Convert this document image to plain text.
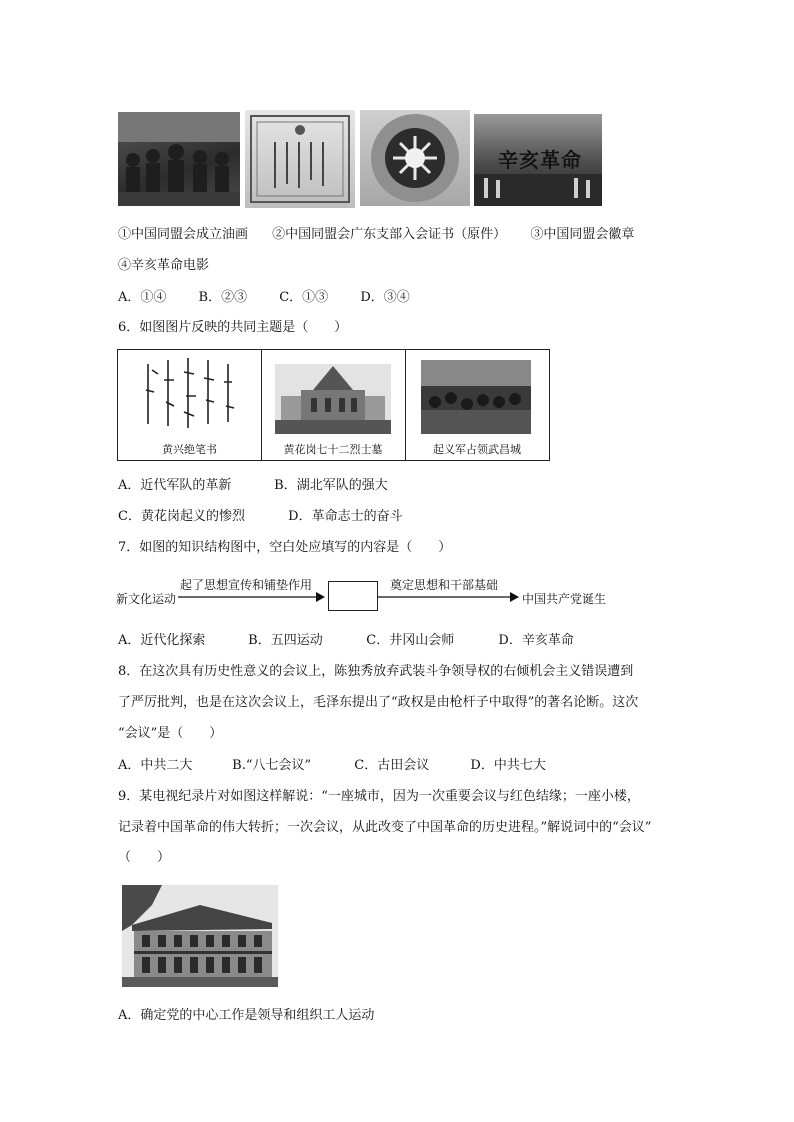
辛亥革命
①中国同盟会成立油画 ②中国同盟会广东支部入会证书（原件） ③中国同盟会徽章
④辛亥革命电影
A．①④ B．②③ C．①③ D．③④
6．如图图片反映的共同主题是（　　）
黄兴绝笔书	黄花岗七十二烈士墓	起义军占领武昌城
A．近代军队的革新	B．湖北军队的强大
C．黄花岗起义的惨烈	D．革命志士的奋斗
7．如图的知识结构图中，空白处应填写的内容是（　　）
新文化运动
起了思想宣传和铺垫作用	奠定思想和干部基础
中国共产党诞生
A．近代化探索	B．五四运动	C．井冈山会师	D．辛亥革命
8．在这次具有历史性意义的会议上，陈独秀放弃武装斗争领导权的右倾机会主义错误遭到
了严厉批判，也是在这次会议上，毛泽东提出了“政权是由枪杆子中取得”的著名论断。这次
“会议”是（　　）
A．中共二大	B.“八七会议”	C．古田会议	D．中共七大
9．某电视纪录片对如图这样解说：“一座城市，因为一次重要会议与红色结缘；一座小楼，
记录着中国革命的伟大转折；一次会议，从此改变了中国革命的历史进程。”解说词中的“会议”
（　　）
A．确定党的中心工作是领导和组织工人运动
